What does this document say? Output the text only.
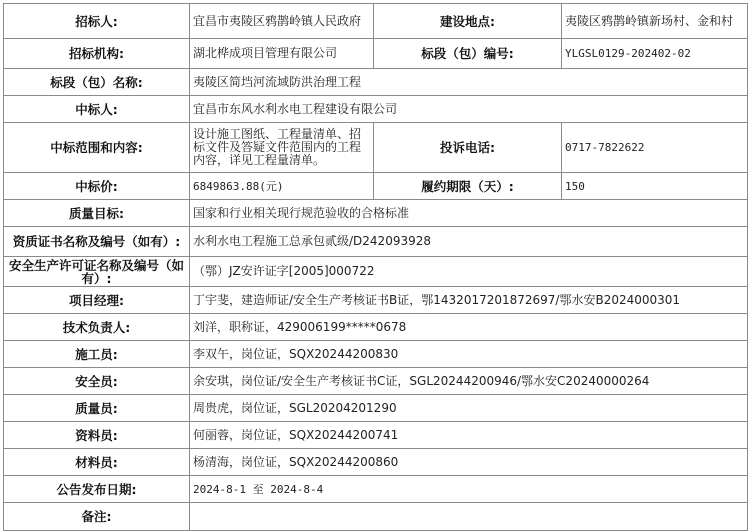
招标人:	宜昌市夷陵区鸦鹊岭镇人民政府	建设地点:	夷陵区鸦鹊岭镇新场村、金和村
招标机构:	湖北桦成项目管理有限公司	标段（包）编号:	YLGSL0129-202402-02
标段（包）名称:	夷陵区简垱河流域防洪治理工程		
中标人:	宜昌市东风水利水电工程建设有限公司		
中标范围和内容:	设计施工图纸、工程量清单、招标文件及答疑文件范围内的工程内容，详见工程量清单。	投诉电话:	0717-7822622
中标价:	6849863.88(元)	履约期限（天）:	150
质量目标:	国家和行业相关现行规范验收的合格标准		
资质证书名称及编号（如有）:	水利水电工程施工总承包贰级/D242093928		
安全生产许可证名称及编号（如有）:	（鄂）JZ安许证字[2005]000722		
项目经理:	丁宇斐，建造师证/安全生产考核证书B证，鄂1432017201872697/鄂水安B2024000301		
技术负责人:	刘洋，职称证，429006199*****0678		
施工员:	李双午，岗位证，SQX20244200830		
安全员:	余安琪，岗位证/安全生产考核证书C证，SGL20244200946/鄂水安C20240000264		
质量员:	周贵虎，岗位证，SGL20204201290		
资料员:	何丽蓉，岗位证，SQX20244200741		
材料员:	杨清海，岗位证，SQX20244200860		
公告发布日期:	2024-8-1 至 2024-8-4		
备注:			
